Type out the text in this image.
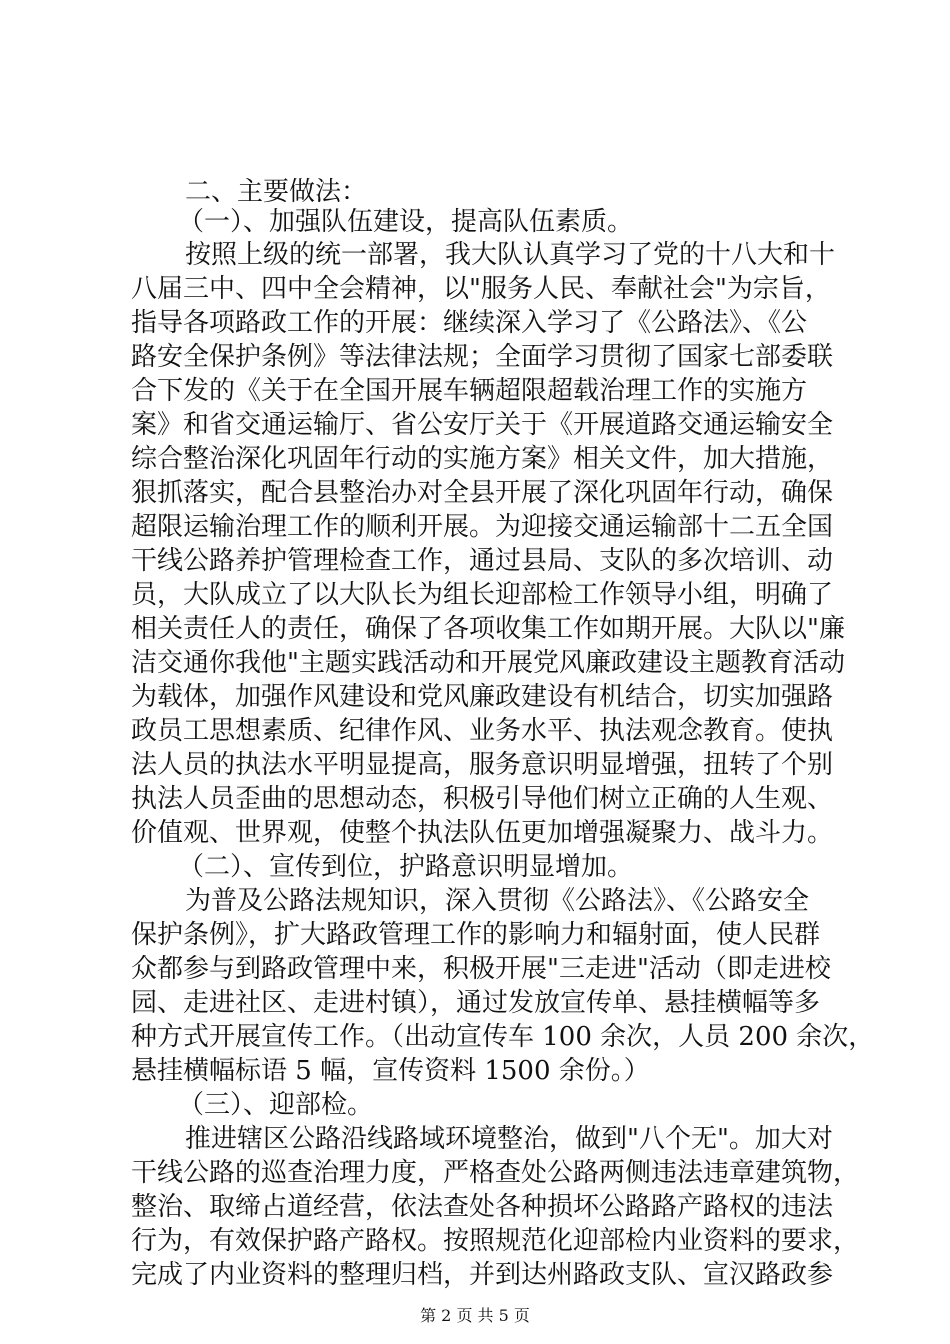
二、主要做法：
（一）、加强队伍建设，提高队伍素质。
按照上级的统一部署，我大队认真学习了党的十八大和十
八届三中、四中全会精神，以"服务人民、奉献社会"为宗旨，
指导各项路政工作的开展：继续深入学习了《公路法》、《公
路安全保护条例》等法律法规；全面学习贯彻了国家七部委联
合下发的《关于在全国开展车辆超限超载治理工作的实施方
案》和省交通运输厅、省公安厅关于《开展道路交通运输安全
综合整治深化巩固年行动的实施方案》相关文件，加大措施，
狠抓落实，配合县整治办对全县开展了深化巩固年行动，确保
超限运输治理工作的顺利开展。为迎接交通运输部十二五全国
干线公路养护管理检查工作，通过县局、支队的多次培训、动
员，大队成立了以大队长为组长迎部检工作领导小组，明确了
相关责任人的责任，确保了各项收集工作如期开展。大队以"廉
洁交通你我他"主题实践活动和开展党风廉政建设主题教育活动
为载体，加强作风建设和党风廉政建设有机结合，切实加强路
政员工思想素质、纪律作风、业务水平、执法观念教育。使执
法人员的执法水平明显提高，服务意识明显增强，扭转了个别
执法人员歪曲的思想动态，积极引导他们树立正确的人生观、
价值观、世界观，使整个执法队伍更加增强凝聚力、战斗力。
（二）、宣传到位，护路意识明显增加。
为普及公路法规知识，深入贯彻《公路法》、《公路安全
保护条例》，扩大路政管理工作的影响力和辐射面，使人民群
众都参与到路政管理中来，积极开展"三走进"活动（即走进校
园、走进社区、走进村镇），通过发放宣传单、悬挂横幅等多
种方式开展宣传工作。（出动宣传车 100 余次，人员 200 余次，
悬挂横幅标语 5 幅，宣传资料 1500 余份。）
（三）、迎部检。
推进辖区公路沿线路域环境整治，做到"八个无"。加大对
干线公路的巡查治理力度，严格查处公路两侧违法违章建筑物，
整治、取缔占道经营，依法查处各种损坏公路路产路权的违法
行为，有效保护路产路权。按照规范化迎部检内业资料的要求，
完成了内业资料的整理归档，并到达州路政支队、宣汉路政参
第 2 页 共 5 页
